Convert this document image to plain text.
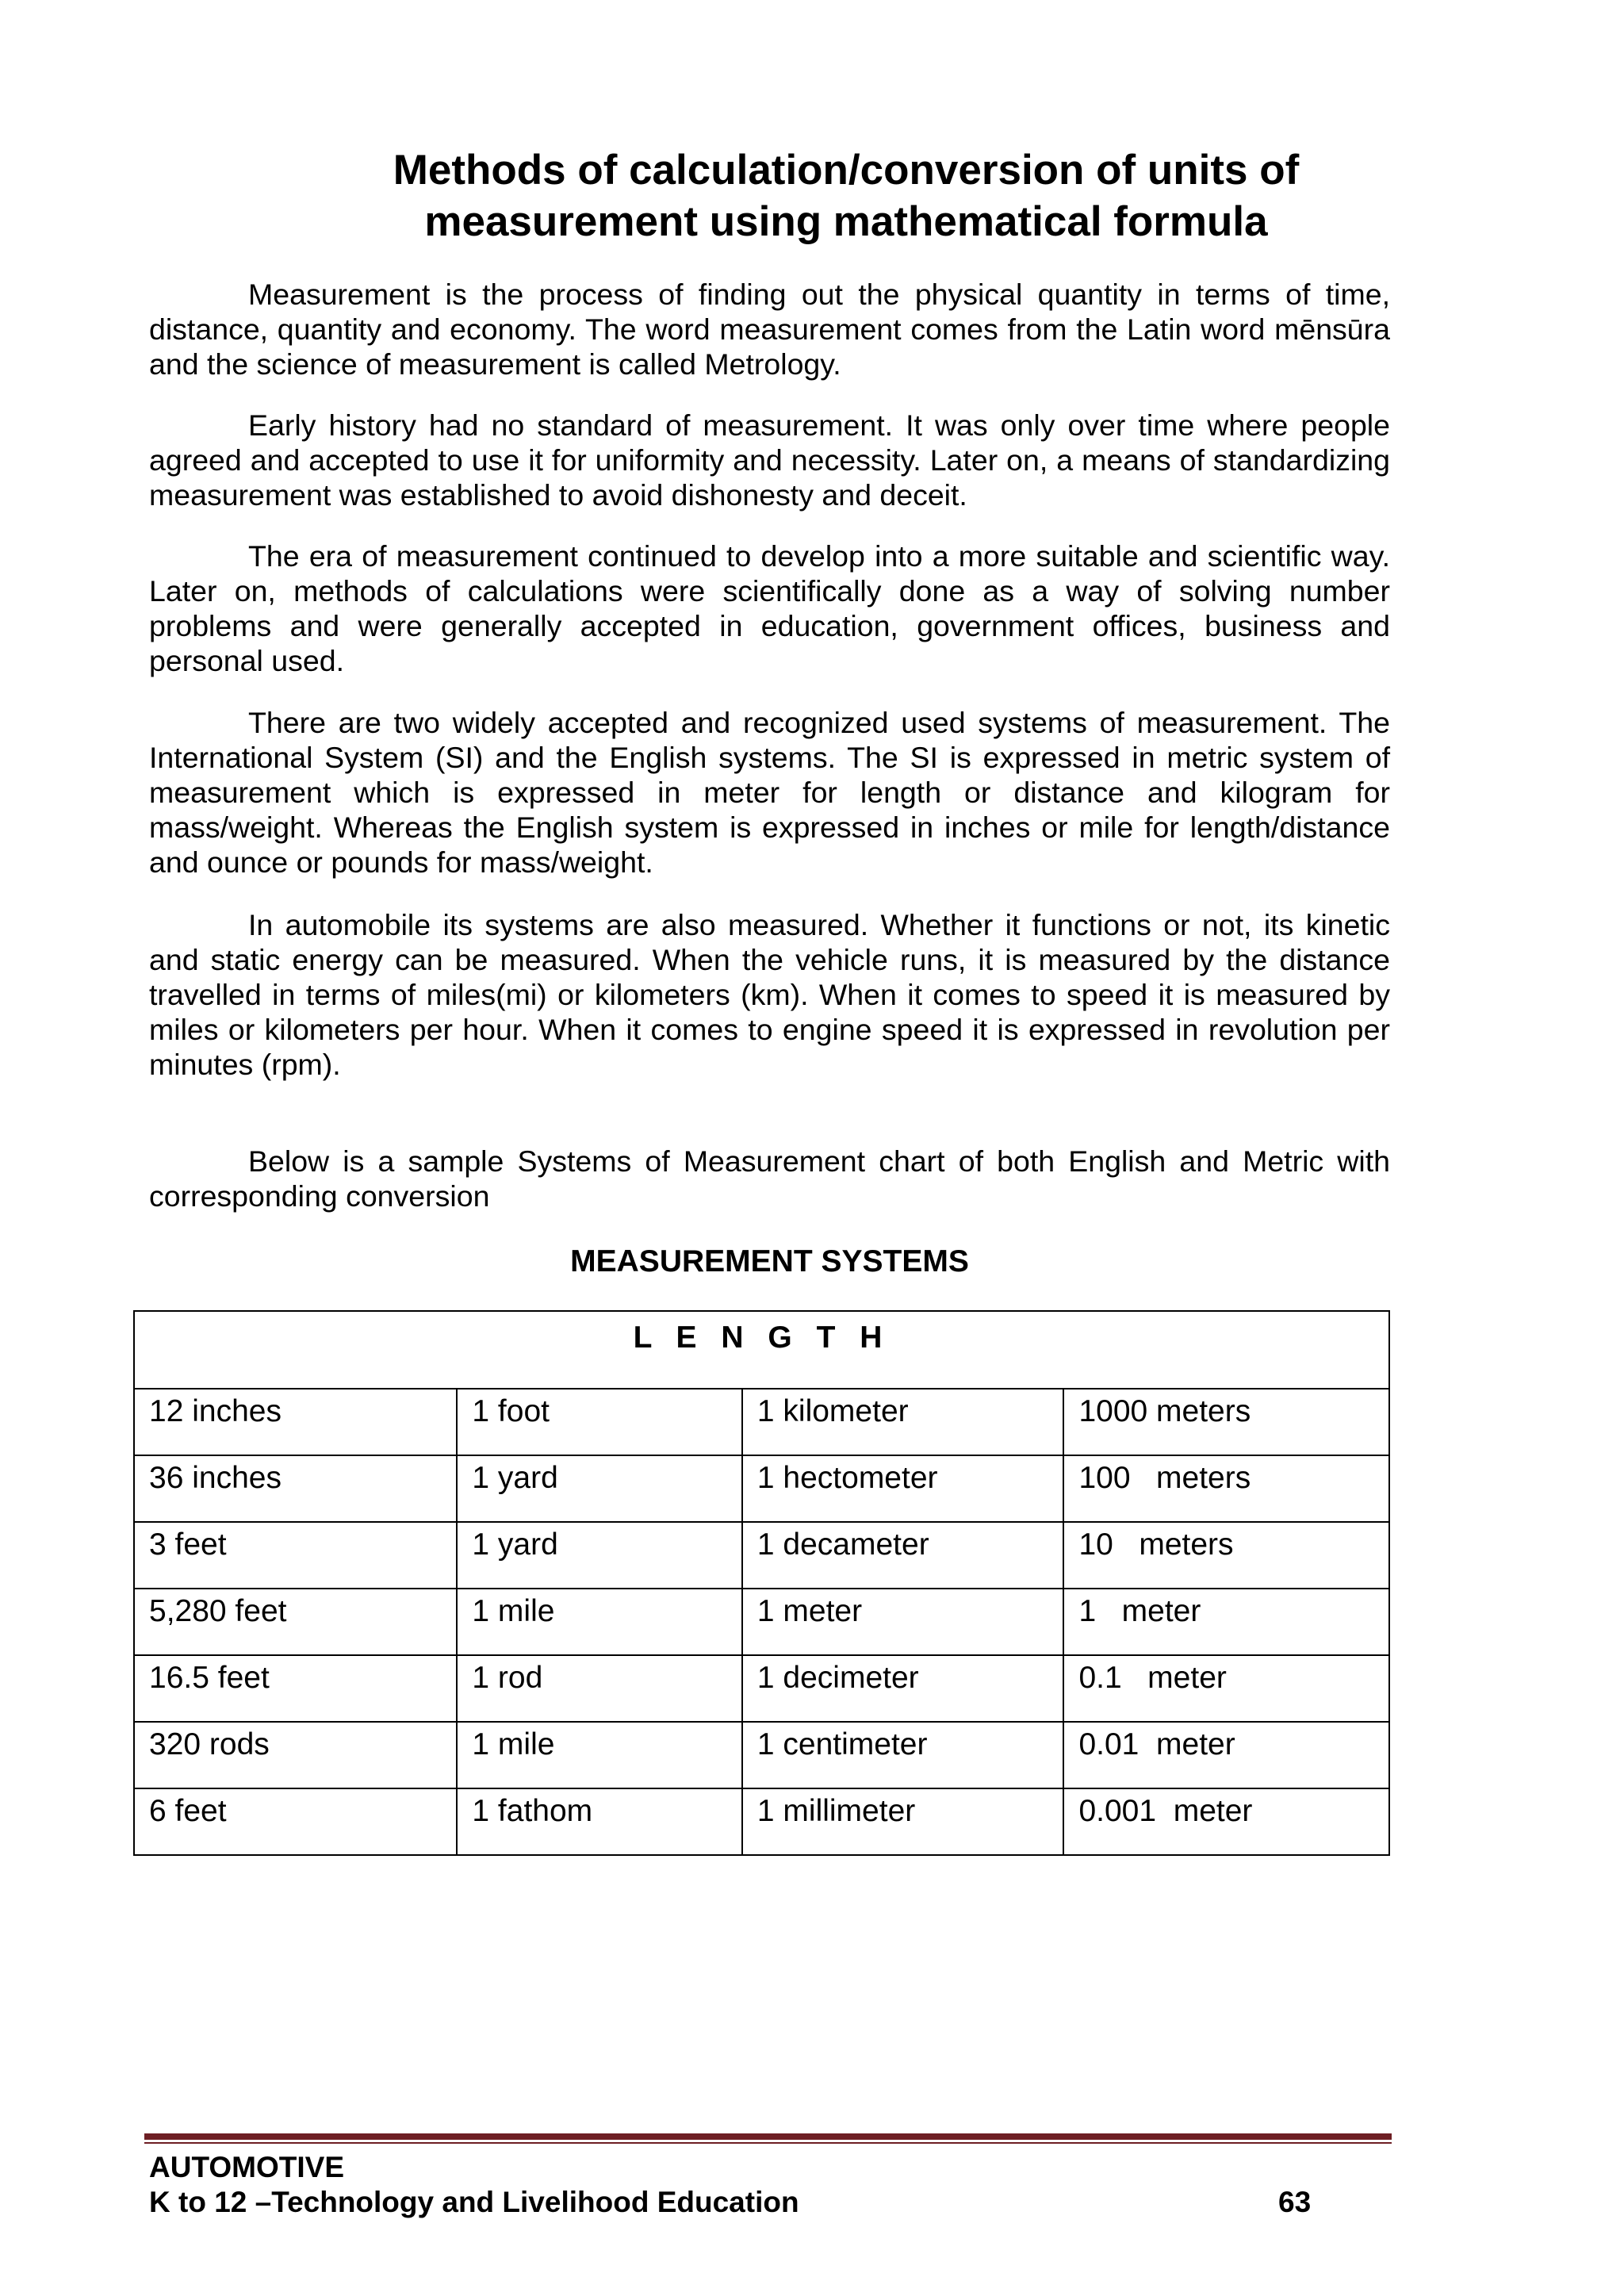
Methods of calculation/conversion of units of
measurement using mathematical formula

Measurement is the process of finding out the physical quantity in terms of time, distance, quantity and economy. The word measurement comes from the Latin word mēnsūra and the science of measurement is called Metrology.

Early history had no standard of measurement. It was only over time where people agreed and accepted to use it for uniformity and necessity. Later on, a means of standardizing measurement was established to avoid dishonesty and deceit.

The era of measurement continued to develop into a more suitable and scientific way. Later on, methods of calculations were scientifically done as a way of solving number problems and were generally accepted in education, government offices, business and personal used.

There are two widely accepted and recognized used systems of measurement. The International System (SI) and the English systems. The SI is expressed in metric system of measurement which is expressed in meter for length or distance and kilogram for mass/weight. Whereas the English system is expressed in inches or mile for length/distance and ounce or pounds for mass/weight.

In automobile its systems are also measured. Whether it functions or not, its kinetic and static energy can be measured. When the vehicle runs, it is measured by the distance travelled in terms of miles(mi) or kilometers (km). When it comes to speed it is measured by miles or kilometers per hour. When it comes to engine speed it is expressed in revolution per minutes (rpm).

Below is a sample Systems of Measurement chart of both English and Metric with corresponding conversion

MEASUREMENT SYSTEMS
L E N G T H			
12 inches	1 foot	1 kilometer	1000 meters
36 inches	1 yard	1 hectometer	100   meters
3 feet	1 yard	1 decameter	10   meters
5,280 feet	1 mile	1 meter	1   meter
16.5 feet	1 rod	1 decimeter	0.1   meter
320 rods	1 mile	1 centimeter	0.01  meter
6 feet	1 fathom	1 millimeter	0.001  meter

AUTOMOTIVE

K to 12 –Technology and Livelihood Education	63
